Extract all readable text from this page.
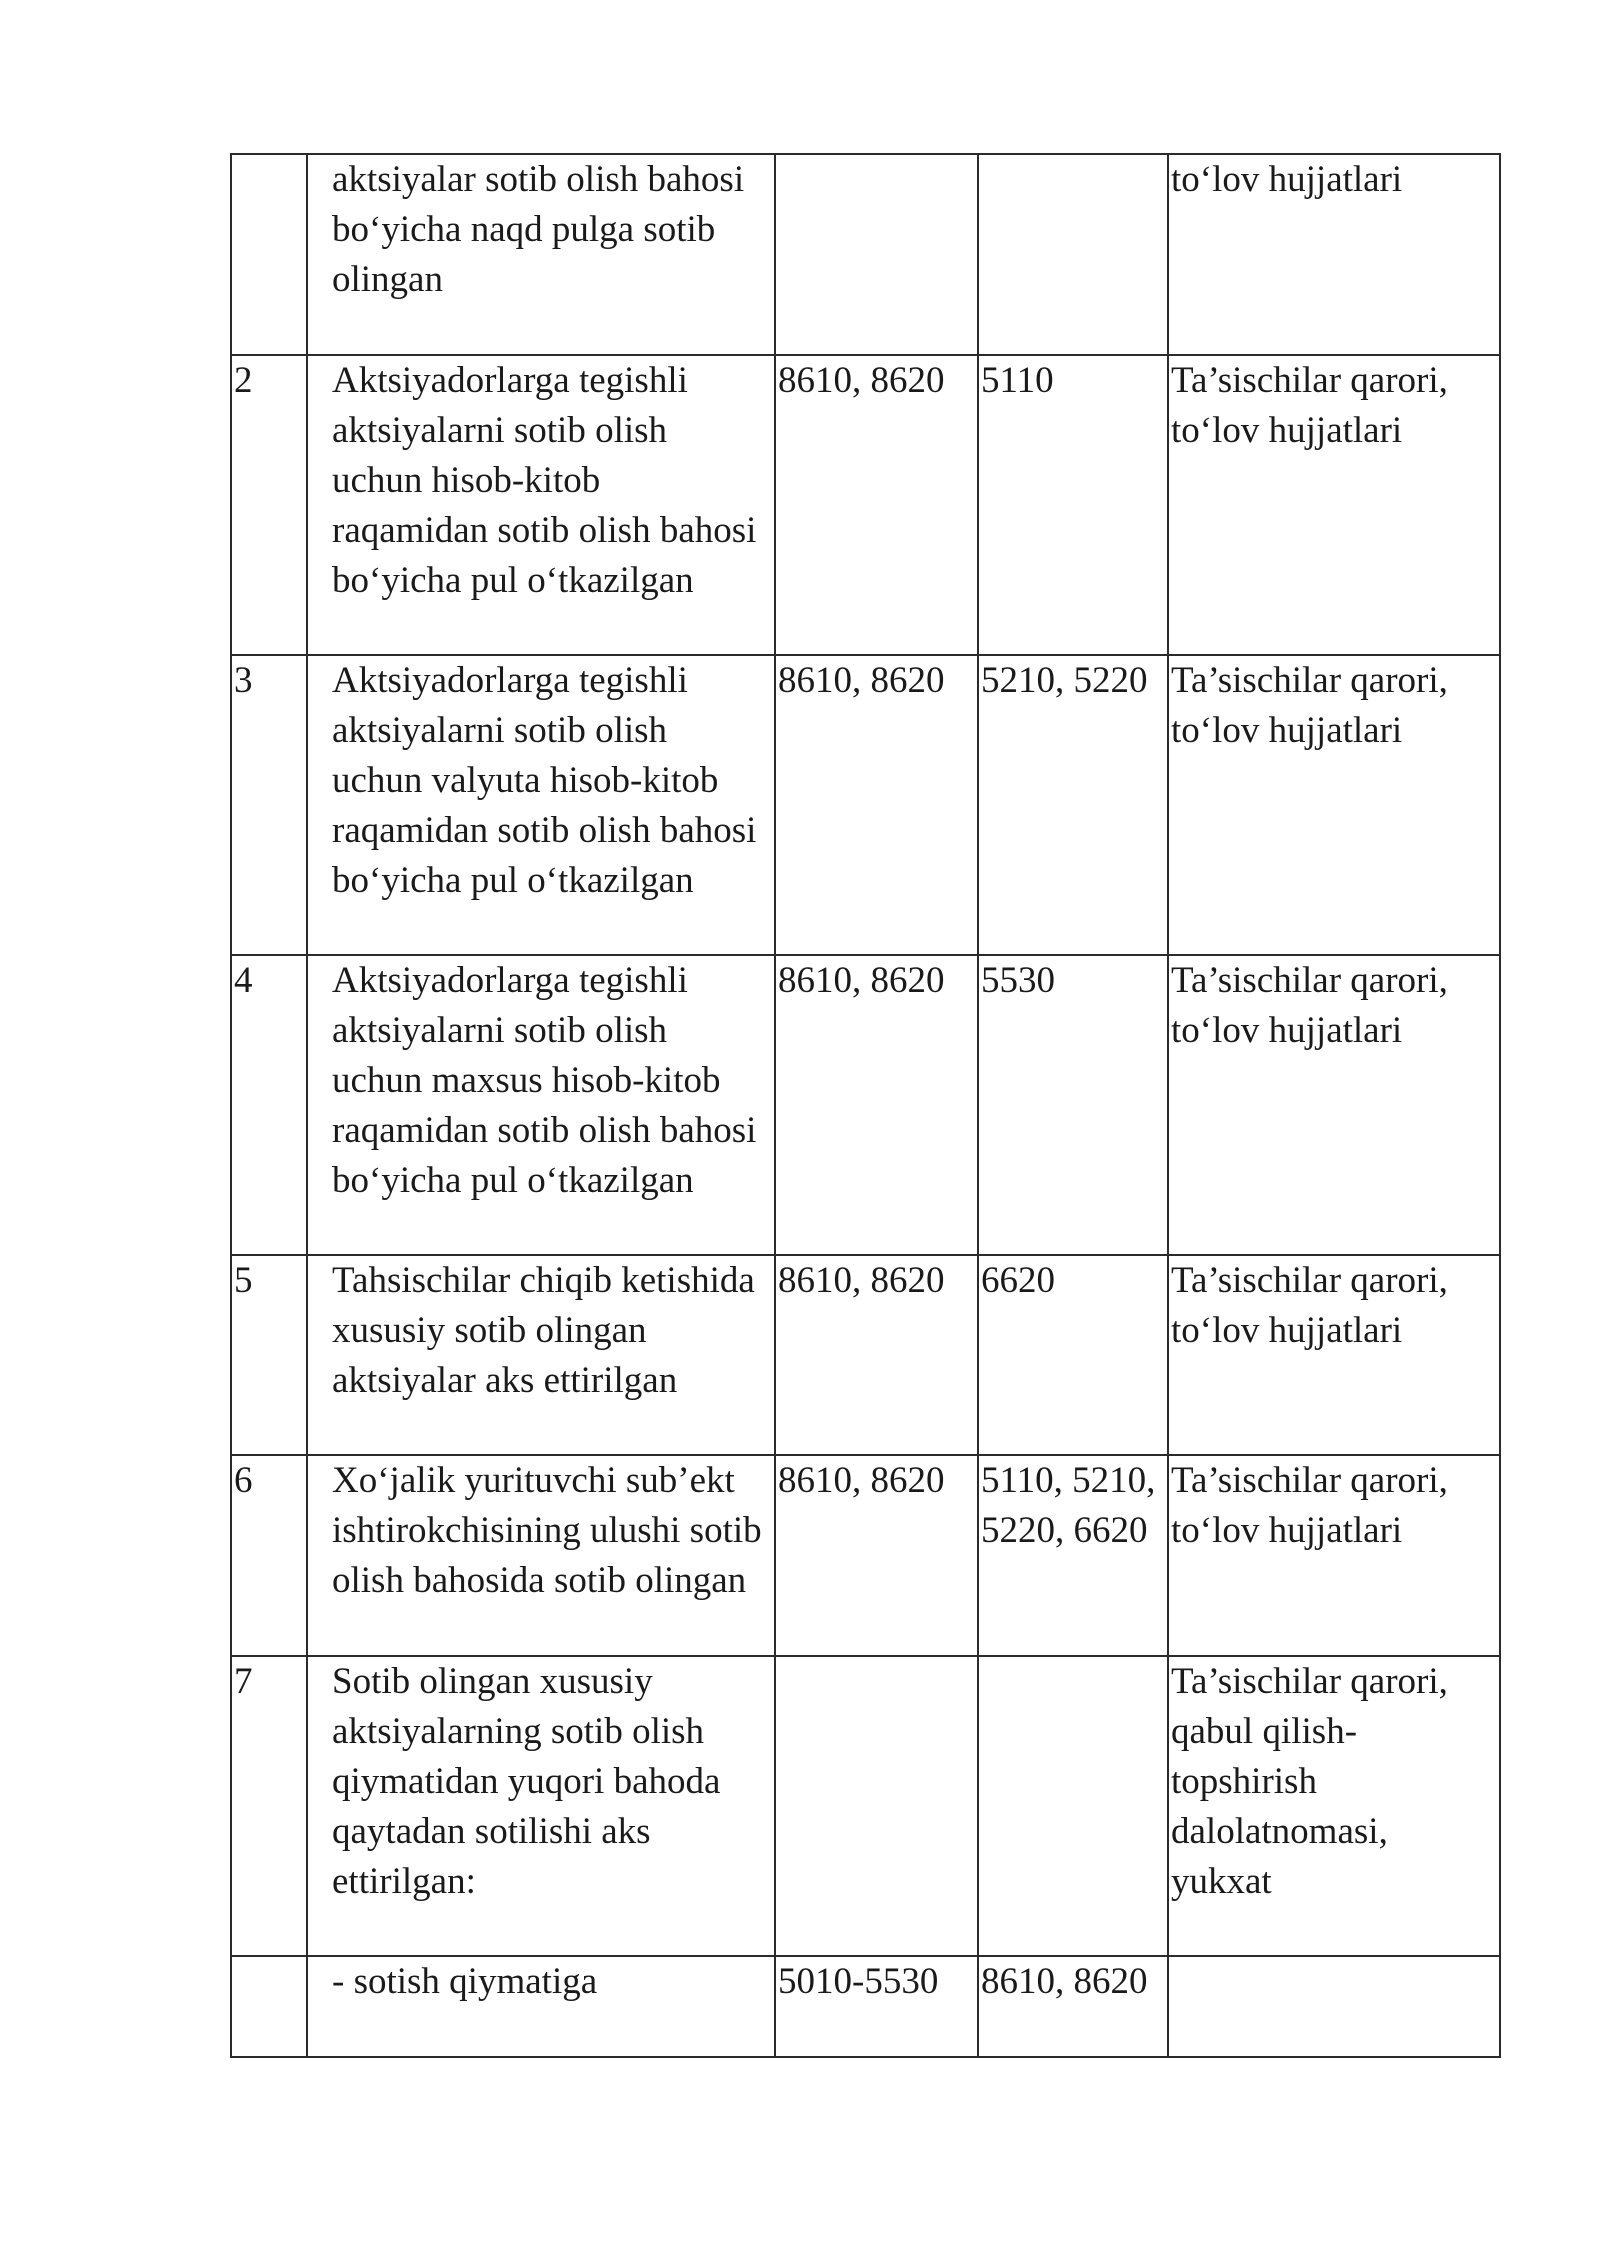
	aktsiyalar sotib olish bahosi
bo‘yicha naqd pulga sotib
olingan			to‘lov hujjatlari
2	Aktsiyadorlarga tegishli
aktsiyalarni sotib olish
uchun hisob-kitob
raqamidan sotib olish bahosi
bo‘yicha pul o‘tkazilgan	8610, 8620	5110	Ta’sischilar qarori,
to‘lov hujjatlari
3	Aktsiyadorlarga tegishli
aktsiyalarni sotib olish
uchun valyuta hisob-kitob
raqamidan sotib olish bahosi
bo‘yicha pul o‘tkazilgan	8610, 8620	5210, 5220	Ta’sischilar qarori,
to‘lov hujjatlari
4	Aktsiyadorlarga tegishli
aktsiyalarni sotib olish
uchun maxsus hisob-kitob
raqamidan sotib olish bahosi
bo‘yicha pul o‘tkazilgan	8610, 8620	5530	Ta’sischilar qarori,
to‘lov hujjatlari
5	Tahsischilar chiqib ketishida
xususiy sotib olingan
aktsiyalar aks ettirilgan	8610, 8620	6620	Ta’sischilar qarori,
to‘lov hujjatlari
6	Xo‘jalik yurituvchi sub’ekt
ishtirokchisining ulushi sotib
olish bahosida sotib olingan	8610, 8620	5110, 5210,
5220, 6620	Ta’sischilar qarori,
to‘lov hujjatlari
7	Sotib olingan xususiy
aktsiyalarning sotib olish
qiymatidan yuqori bahoda
qaytadan sotilishi aks
ettirilgan:			Ta’sischilar qarori,
qabul qilish-
topshirish
dalolatnomasi,
yukxat
	- sotish qiymatiga	5010-5530	8610, 8620	
